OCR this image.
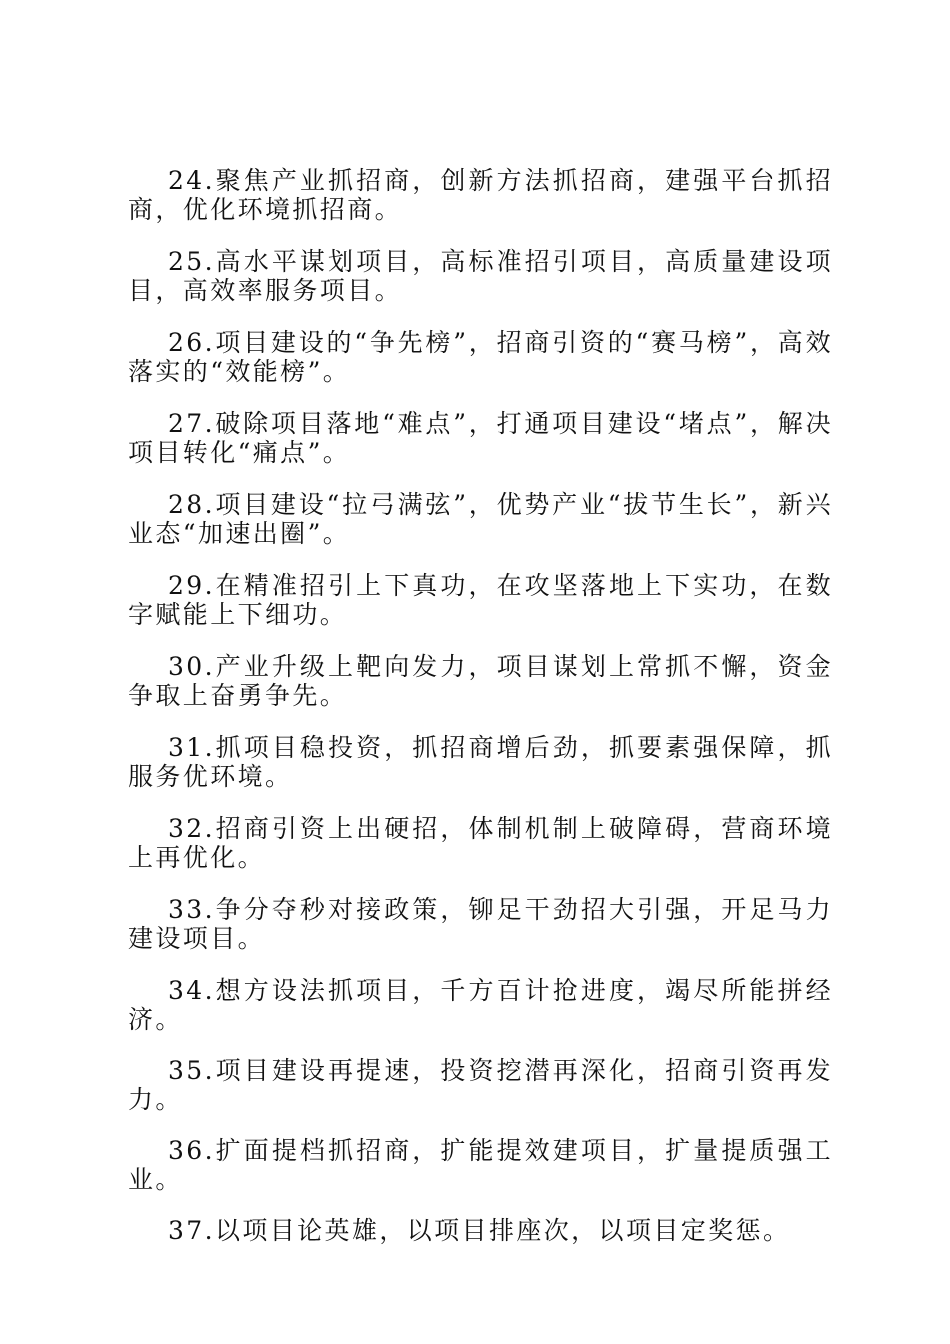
24.聚焦产业抓招商，创新方法抓招商，建强平台抓招商，优化环境抓招商。

25.高水平谋划项目，高标准招引项目，高质量建设项目，高效率服务项目。

26.项目建设的“争先榜”，招商引资的“赛马榜”，高效落实的“效能榜”。

27.破除项目落地“难点”，打通项目建设“堵点”，解决项目转化“痛点”。

28.项目建设“拉弓满弦”，优势产业“拔节生长”，新兴业态“加速出圈”。

29.在精准招引上下真功，在攻坚落地上下实功，在数字赋能上下细功。

30.产业升级上靶向发力，项目谋划上常抓不懈，资金争取上奋勇争先。

31.抓项目稳投资，抓招商增后劲，抓要素强保障，抓服务优环境。

32.招商引资上出硬招，体制机制上破障碍，营商环境上再优化。

33.争分夺秒对接政策，铆足干劲招大引强，开足马力建设项目。

34.想方设法抓项目，千方百计抢进度，竭尽所能拼经济。

35.项目建设再提速，投资挖潜再深化，招商引资再发力。

36.扩面提档抓招商，扩能提效建项目，扩量提质强工业。

37.以项目论英雄，以项目排座次，以项目定奖惩。
